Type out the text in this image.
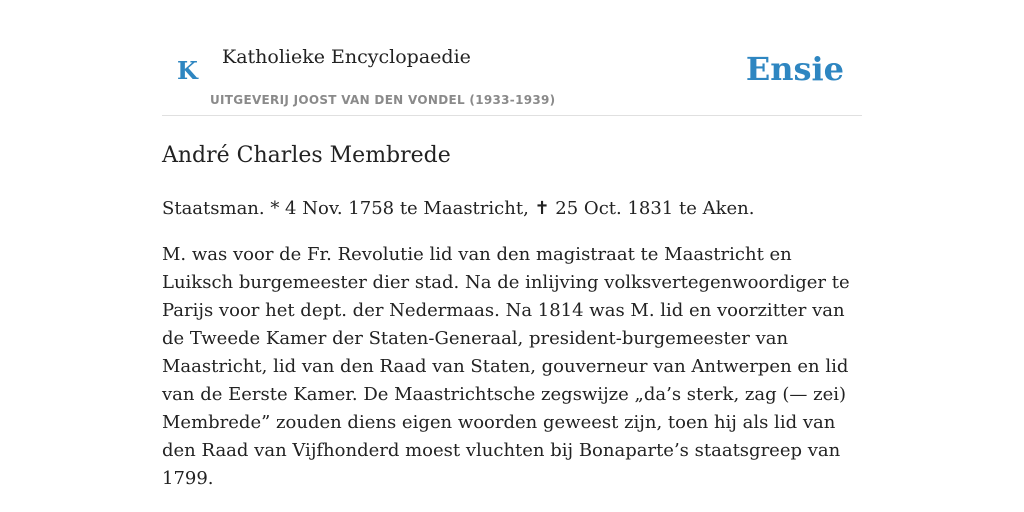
K Katholieke Encyclopaedie
UITGEVERIJ JOOST VAN DEN VONDEL (1933-1939)
Ensie
André Charles Membrede

Staatsman. * 4 Nov. 1758 te Maastricht, ✝ 25 Oct. 1831 te Aken.

M. was voor de Fr. Revolutie lid van den magistraat te Maastricht en Luiksch burgemeester dier stad. Na de inlijving volksvertegenwoordiger te Parijs voor het dept. der Nedermaas. Na 1814 was M. lid en voorzitter van de Tweede Kamer der Staten-Generaal, president-burgemeester van Maastricht, lid van den Raad van Staten, gouverneur van Antwerpen en lid van de Eerste Kamer. De Maastrichtsche zegswijze „da’s sterk, zag (— zei) Membrede” zouden diens eigen woorden geweest zijn, toen hij als lid van den Raad van Vijfhonderd moest vluchten bij Bonaparte’s staatsgreep van 1799.
